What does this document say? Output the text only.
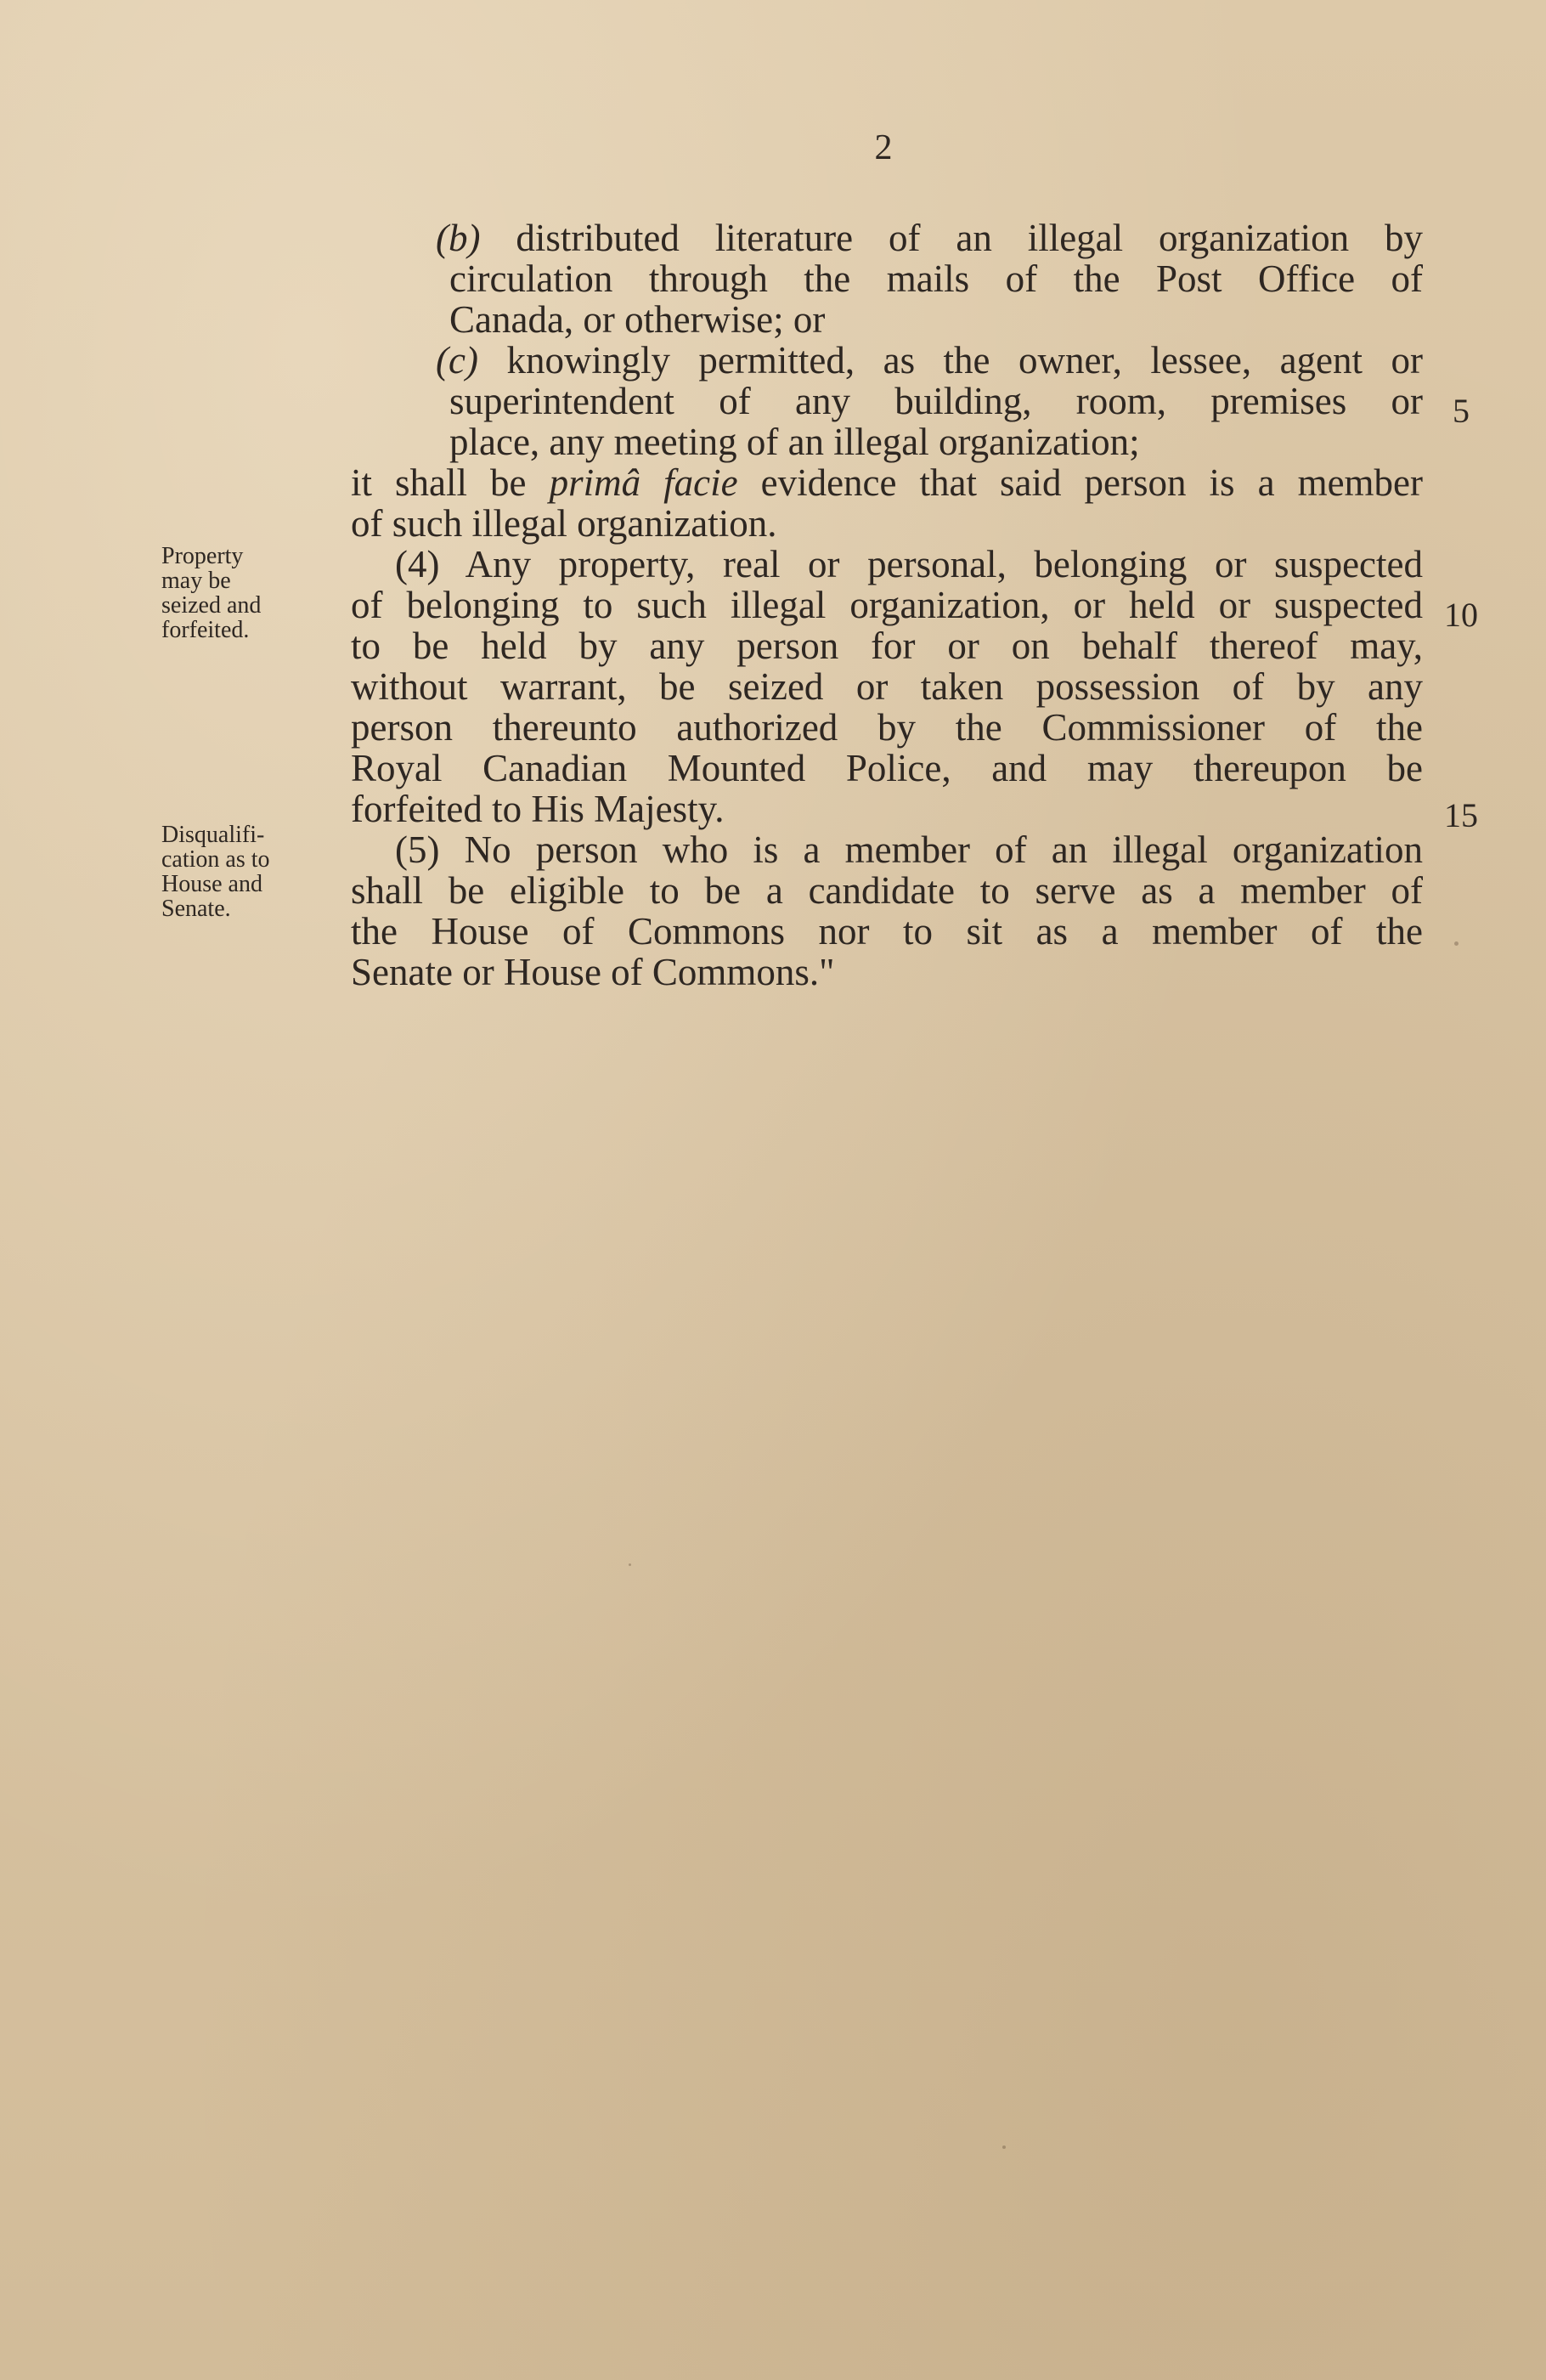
2
Property
may be
seized and
forfeited.
Disqualifi-
cation as to
House and
Senate.
(b) distributed literature of an illegal organization by
circulation through the mails of the Post Office of
Canada, or otherwise; or
(c) knowingly permitted, as the owner, lessee, agent or
superintendent of any building, room, premises or
place, any meeting of an illegal organization;
it shall be primâ facie evidence that said person is a member
of such illegal organization.
(4) Any property, real or personal, belonging or suspected
of belonging to such illegal organization, or held or suspected
to be held by any person for or on behalf thereof may,
without warrant, be seized or taken possession of by any
person thereunto authorized by the Commissioner of the
Royal Canadian Mounted Police, and may thereupon be
forfeited to His Majesty.
(5) No person who is a member of an illegal organization
shall be eligible to be a candidate to serve as a member of
the House of Commons nor to sit as a member of the
Senate or House of Commons."
5
10
15
